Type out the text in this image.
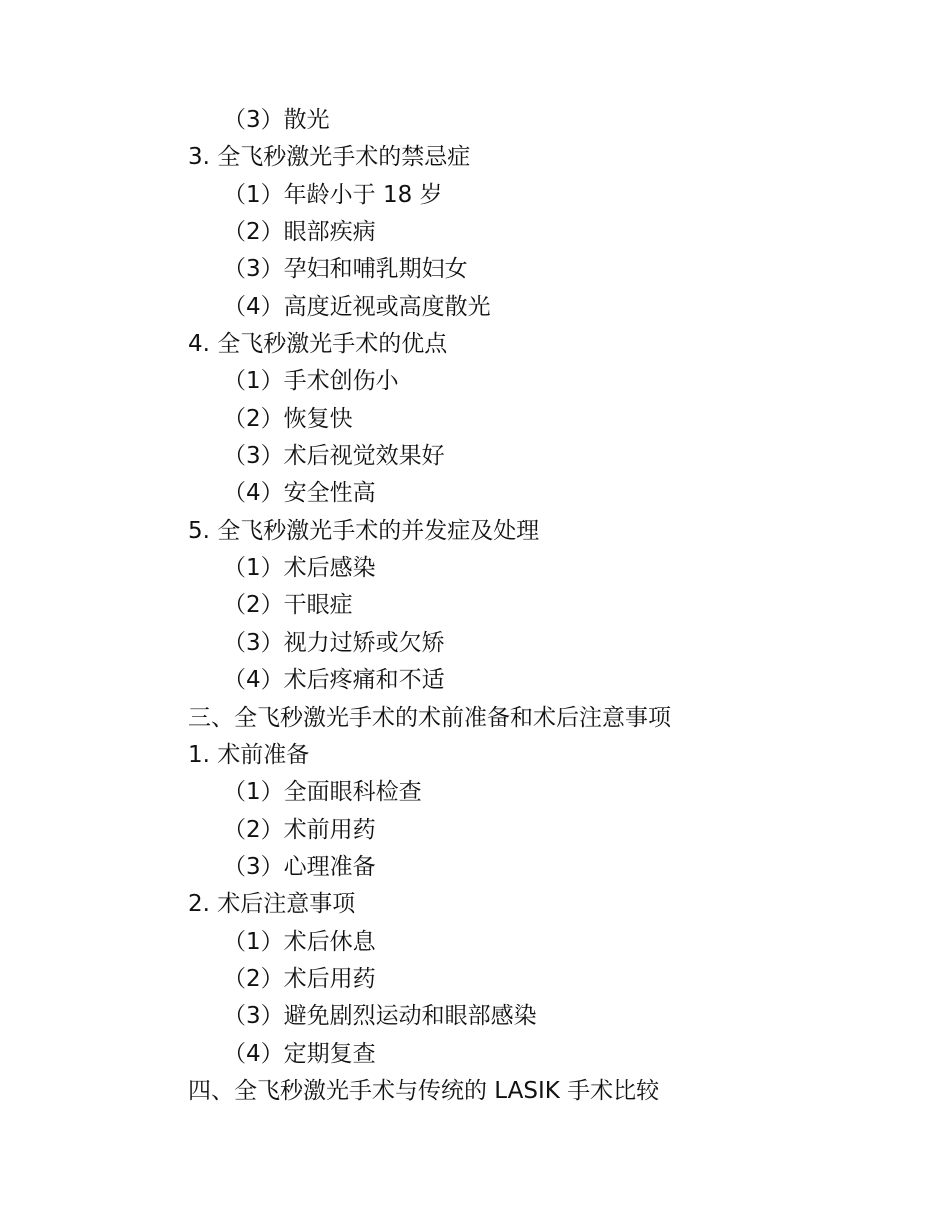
（3）散光
3. 全飞秒激光手术的禁忌症
（1）年龄小于 18 岁
（2）眼部疾病
（3）孕妇和哺乳期妇女
（4）高度近视或高度散光
4. 全飞秒激光手术的优点
（1）手术创伤小
（2）恢复快
（3）术后视觉效果好
（4）安全性高
5. 全飞秒激光手术的并发症及处理
（1）术后感染
（2）干眼症
（3）视力过矫或欠矫
（4）术后疼痛和不适
三、全飞秒激光手术的术前准备和术后注意事项
1. 术前准备
（1）全面眼科检查
（2）术前用药
（3）心理准备
2. 术后注意事项
（1）术后休息
（2）术后用药
（3）避免剧烈运动和眼部感染
（4）定期复查
四、全飞秒激光手术与传统的 LASIK 手术比较
